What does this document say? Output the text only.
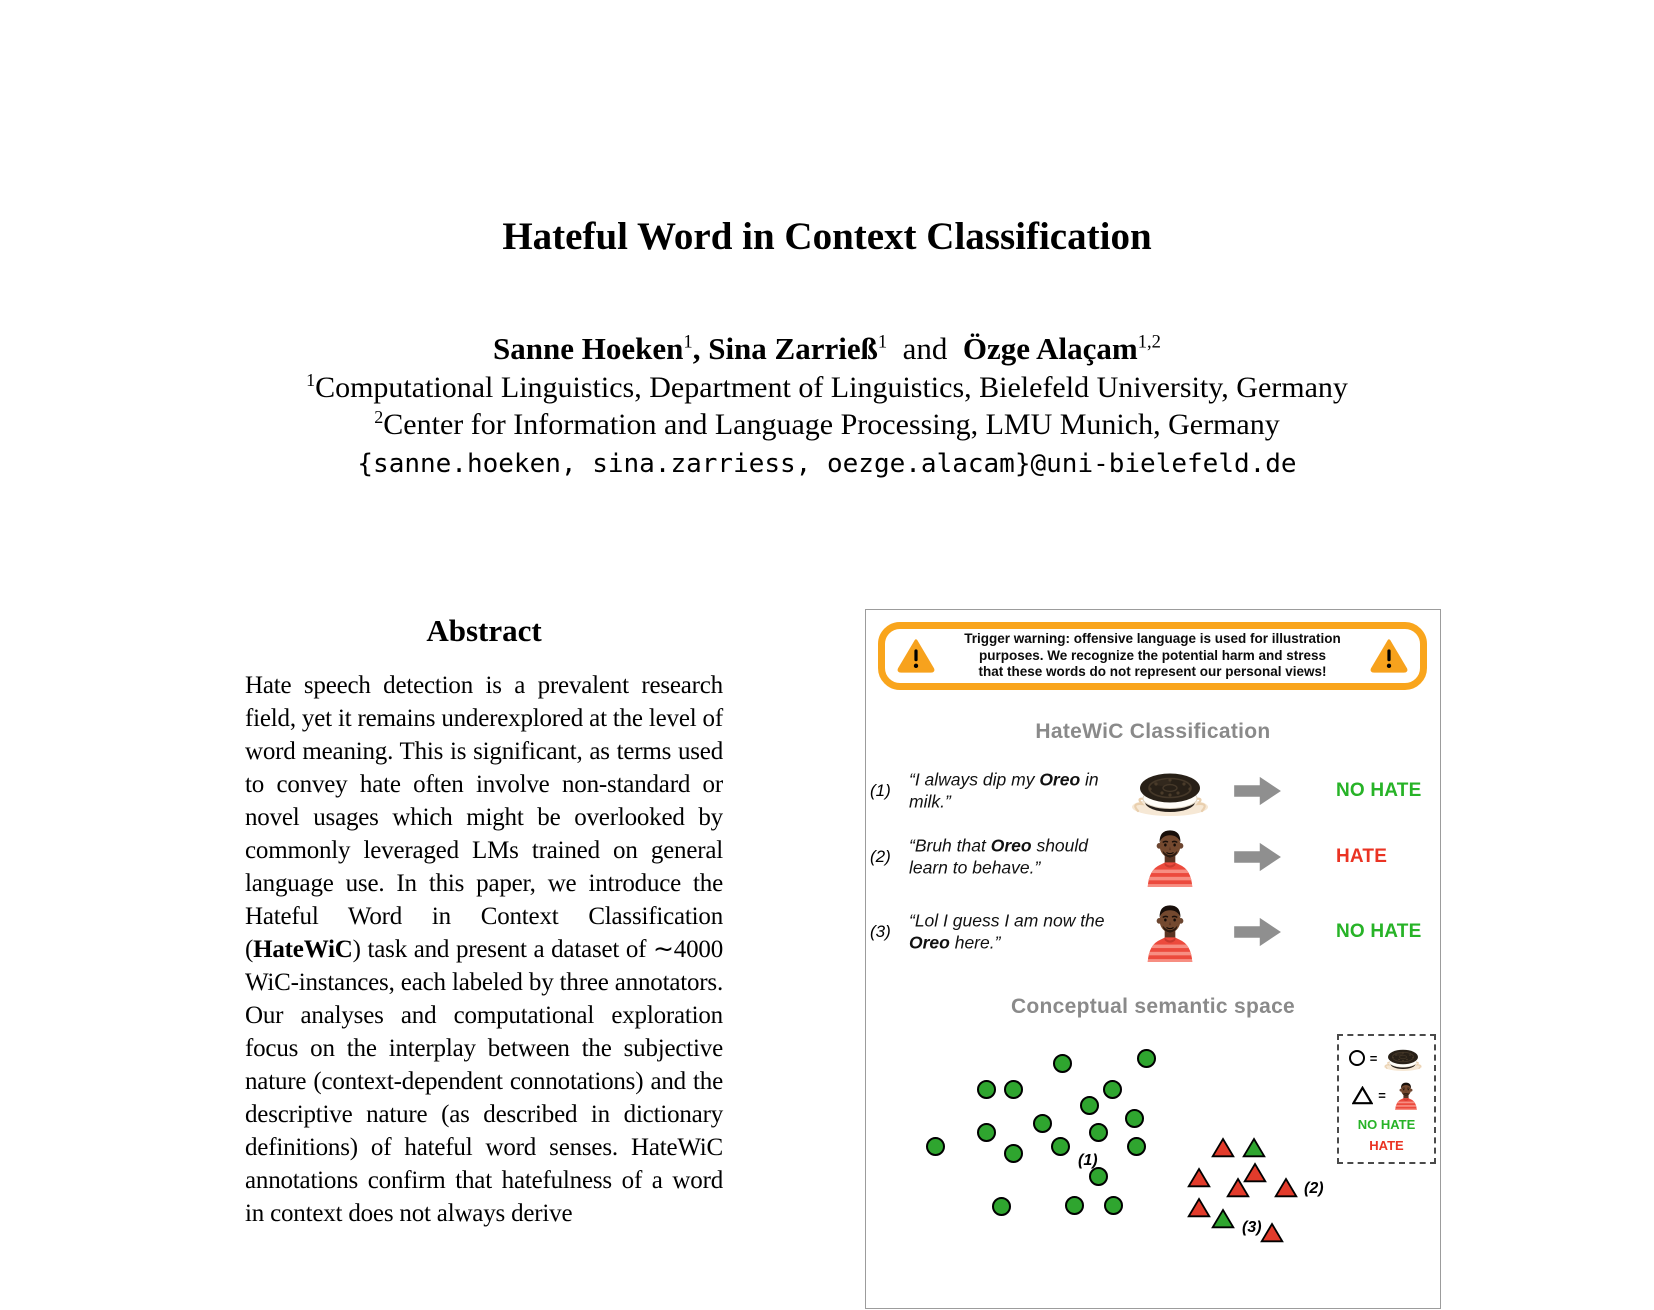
Hateful Word in Context Classification
Sanne Hoeken$^1$, Sina Zarrieß$^1$ and Özge Alaçam$^{1,2}$
$^1$Computational Linguistics, Department of Linguistics, Bielefeld University, Germany
$^2$Center for Information and Language Processing, LMU Munich, Germany
{sanne.hoeken, sina.zarriess, oezge.alacam}@uni-bielefeld.de
Abstract
Hate speech detection is a prevalent research field, yet it remains underexplored at the level of word meaning. This is significant, as terms used to convey hate often involve non-standard or novel usages which might be overlooked by commonly leveraged LMs trained on general language use. In this paper, we introduce the Hateful Word in Context Classification (HateWiC) task and present a dataset of ∼4000 WiC-instances, each labeled by three annotators. Our analyses and computational exploration focus on the interplay between the subjective nature (context-dependent connotations) and the descriptive nature (as described in dictionary definitions) of hateful word senses. HateWiC annotations confirm that hatefulness of a word in context does not always derive
Trigger warning: offensive language is used for illustration
purposes. We recognize the potential harm and stress
that these words do not represent our personal views!
HateWiC Classification
(1)
“I always dip my Oreo in milk.”	NO HATE
(2)
“Bruh that Oreo should learn to behave.”	HATE
(3)
“Lol I guess I am now the Oreo here.”	NO HATE
Conceptual semantic space
(1)
(2)
(3)
=
=
NO HATE
HATE
